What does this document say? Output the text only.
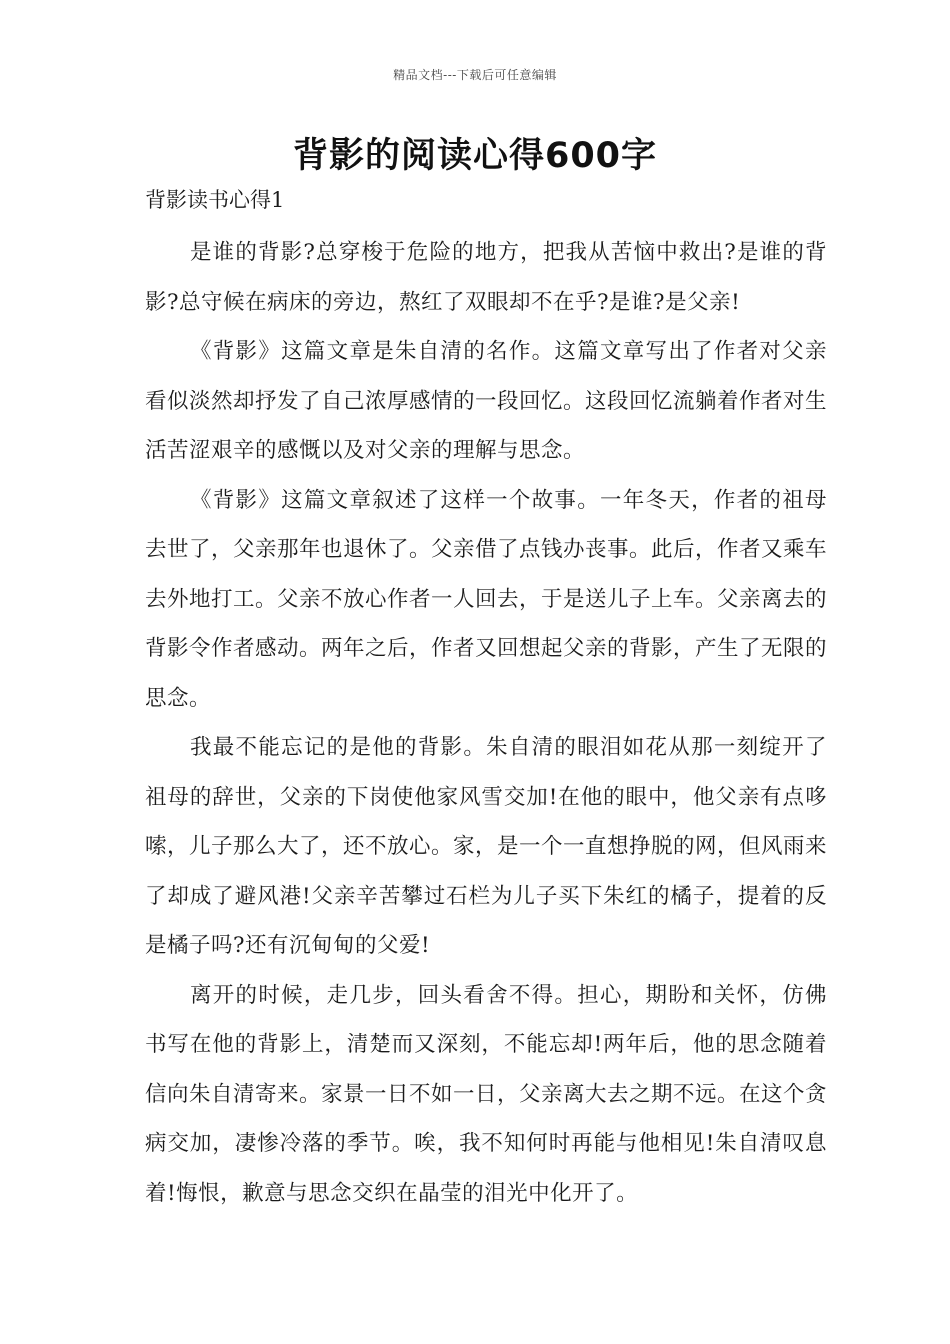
精品文档---下载后可任意编辑
背影的阅读心得600字
背影读书心得1

是谁的背影?总穿梭于危险的地方，把我从苦恼中救出?是谁的背影?总守候在病床的旁边，熬红了双眼却不在乎?是谁?是父亲!

《背影》这篇文章是朱自清的名作。这篇文章写出了作者对父亲看似淡然却抒发了自己浓厚感情的一段回忆。这段回忆流躺着作者对生活苦涩艰辛的感慨以及对父亲的理解与思念。

《背影》这篇文章叙述了这样一个故事。一年冬天，作者的祖母去世了，父亲那年也退休了。父亲借了点钱办丧事。此后，作者又乘车去外地打工。父亲不放心作者一人回去，于是送儿子上车。父亲离去的背影令作者感动。两年之后，作者又回想起父亲的背影，产生了无限的思念。

我最不能忘记的是他的背影。朱自清的眼泪如花从那一刻绽开了祖母的辞世，父亲的下岗使他家风雪交加!在他的眼中，他父亲有点哆嗦，儿子那么大了，还不放心。家，是一个一直想挣脱的网，但风雨来了却成了避风港!父亲辛苦攀过石栏为儿子买下朱红的橘子，提着的反是橘子吗?还有沉甸甸的父爱!

离开的时候，走几步，回头看舍不得。担心，期盼和关怀，仿佛书写在他的背影上，清楚而又深刻，不能忘却!两年后，他的思念随着信向朱自清寄来。家景一日不如一日，父亲离大去之期不远。在这个贪病交加，凄惨冷落的季节。唉，我不知何时再能与他相见!朱自清叹息着!悔恨，歉意与思念交织在晶莹的泪光中化开了。
